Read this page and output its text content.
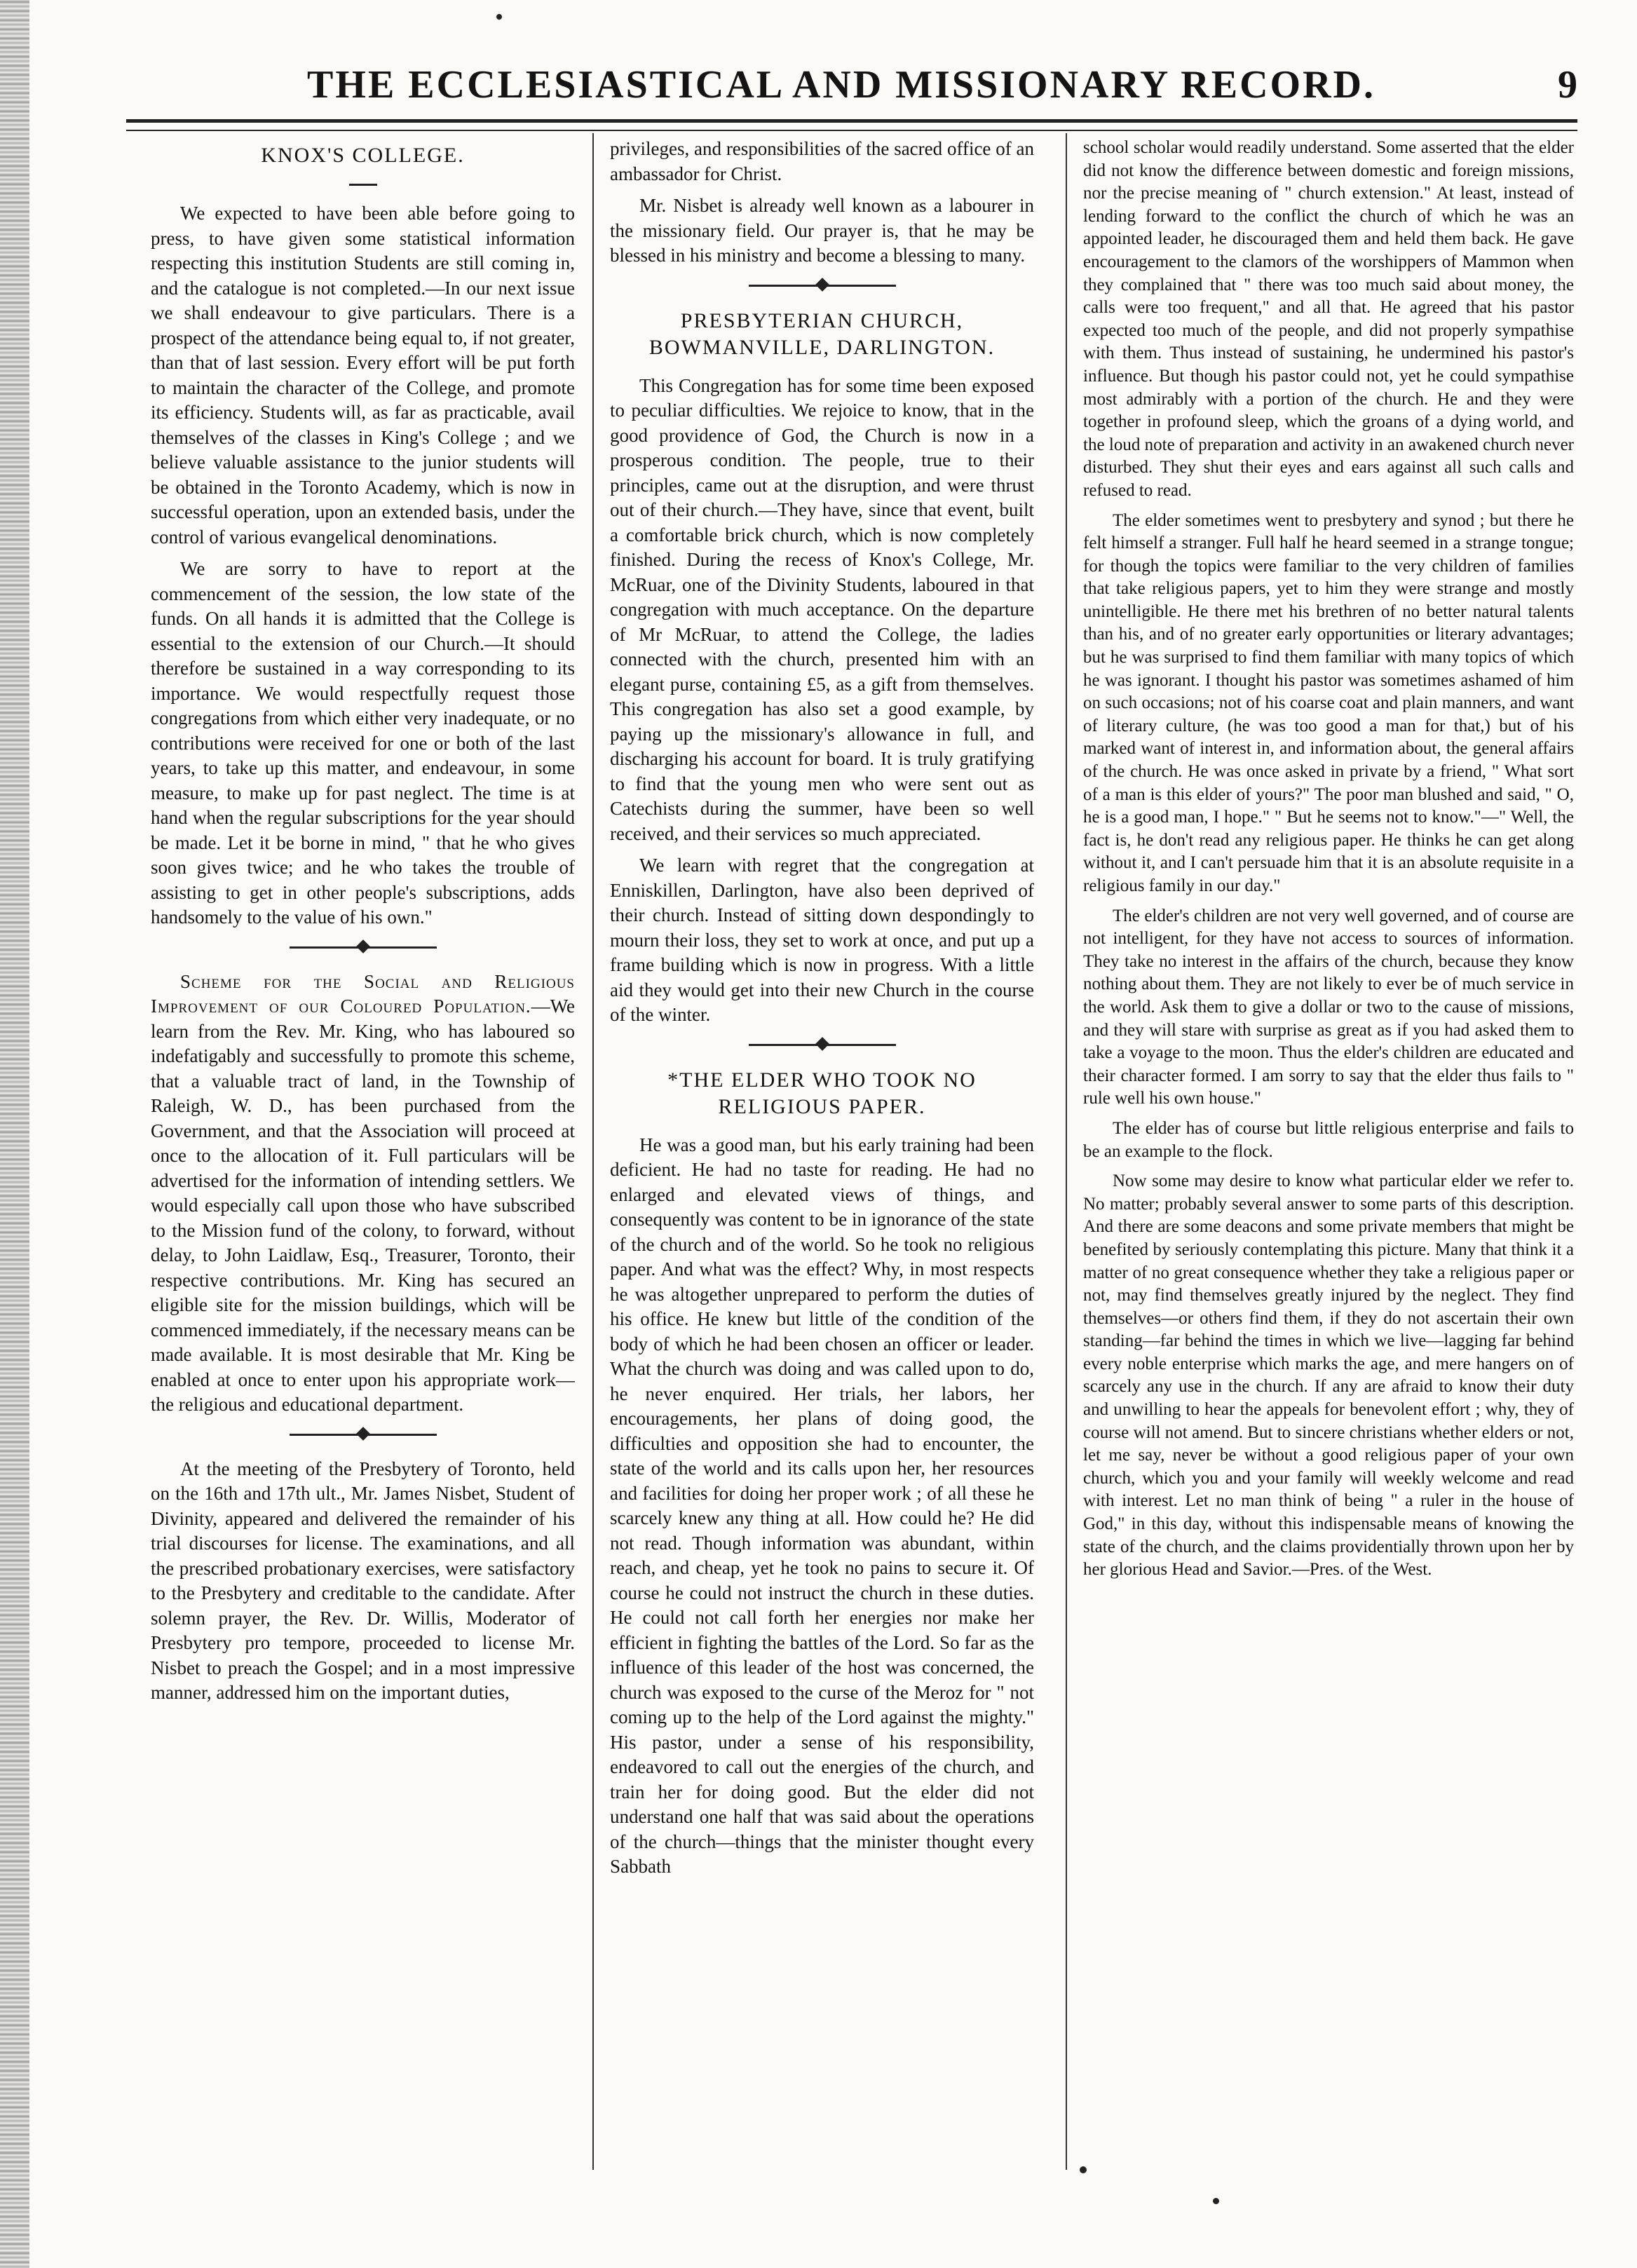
THE ECCLESIASTICAL AND MISSIONARY RECORD.	9
KNOX'S COLLEGE.

We expected to have been able before going to press, to have given some statistical information respecting this institution Students are still coming in, and the catalogue is not completed.—In our next issue we shall endeavour to give particulars. There is a prospect of the attendance being equal to, if not greater, than that of last session. Every effort will be put forth to maintain the character of the College, and promote its efficiency. Students will, as far as practicable, avail themselves of the classes in King's College ; and we believe valuable assistance to the junior students will be obtained in the Toronto Academy, which is now in successful operation, upon an extended basis, under the control of various evangelical denominations.

We are sorry to have to report at the commencement of the session, the low state of the funds. On all hands it is admitted that the College is essential to the extension of our Church.—It should therefore be sustained in a way corresponding to its importance. We would respectfully request those congregations from which either very inadequate, or no contributions were received for one or both of the last years, to take up this matter, and endeavour, in some measure, to make up for past neglect. The time is at hand when the regular subscriptions for the year should be made. Let it be borne in mind, " that he who gives soon gives twice; and he who takes the trouble of assisting to get in other people's subscriptions, adds handsomely to the value of his own."

Scheme for the Social and Religious Improvement of our Coloured Population.—We learn from the Rev. Mr. King, who has laboured so indefatigably and successfully to promote this scheme, that a valuable tract of land, in the Township of Raleigh, W. D., has been purchased from the Government, and that the Association will proceed at once to the allocation of it. Full particulars will be advertised for the information of intending settlers. We would especially call upon those who have subscribed to the Mission fund of the colony, to forward, without delay, to John Laidlaw, Esq., Treasurer, Toronto, their respective contributions. Mr. King has secured an eligible site for the mission buildings, which will be commenced immediately, if the necessary means can be made available. It is most desirable that Mr. King be enabled at once to enter upon his appropriate work—the religious and educational department.

At the meeting of the Presbytery of Toronto, held on the 16th and 17th ult., Mr. James Nisbet, Student of Divinity, appeared and delivered the remainder of his trial discourses for license. The examinations, and all the prescribed probationary exercises, were satisfactory to the Presbytery and creditable to the candidate. After solemn prayer, the Rev. Dr. Willis, Moderator of Presbytery pro tempore, proceeded to license Mr. Nisbet to preach the Gospel; and in a most impressive manner, addressed him on the important duties,

privileges, and responsibilities of the sacred office of an ambassador for Christ.

Mr. Nisbet is already well known as a labourer in the missionary field. Our prayer is, that he may be blessed in his ministry and become a blessing to many.

PRESBYTERIAN CHURCH, BOWMANVILLE, DARLINGTON.

This Congregation has for some time been exposed to peculiar difficulties. We rejoice to know, that in the good providence of God, the Church is now in a prosperous condition. The people, true to their principles, came out at the disruption, and were thrust out of their church.—They have, since that event, built a comfortable brick church, which is now completely finished. During the recess of Knox's College, Mr. McRuar, one of the Divinity Students, laboured in that congregation with much acceptance. On the departure of Mr McRuar, to attend the College, the ladies connected with the church, presented him with an elegant purse, containing £5, as a gift from themselves. This congregation has also set a good example, by paying up the missionary's allowance in full, and discharging his account for board. It is truly gratifying to find that the young men who were sent out as Catechists during the summer, have been so well received, and their services so much appreciated.

We learn with regret that the congregation at Enniskillen, Darlington, have also been deprived of their church. Instead of sitting down despondingly to mourn their loss, they set to work at once, and put up a frame building which is now in progress. With a little aid they would get into their new Church in the course of the winter.

*THE ELDER WHO TOOK NO RELIGIOUS PAPER.

He was a good man, but his early training had been deficient. He had no taste for reading. He had no enlarged and elevated views of things, and consequently was content to be in ignorance of the state of the church and of the world. So he took no religious paper. And what was the effect? Why, in most respects he was altogether unprepared to perform the duties of his office. He knew but little of the condition of the body of which he had been chosen an officer or leader. What the church was doing and was called upon to do, he never enquired. Her trials, her labors, her encouragements, her plans of doing good, the difficulties and opposition she had to encounter, the state of the world and its calls upon her, her resources and facilities for doing her proper work ; of all these he scarcely knew any thing at all. How could he? He did not read. Though information was abundant, within reach, and cheap, yet he took no pains to secure it. Of course he could not instruct the church in these duties. He could not call forth her energies nor make her efficient in fighting the battles of the Lord. So far as the influence of this leader of the host was concerned, the church was exposed to the curse of the Meroz for " not coming up to the help of the Lord against the mighty." His pastor, under a sense of his responsibility, endeavored to call out the energies of the church, and train her for doing good. But the elder did not understand one half that was said about the operations of the church—things that the minister thought every Sabbath

school scholar would readily understand. Some asserted that the elder did not know the difference between domestic and foreign missions, nor the precise meaning of " church extension." At least, instead of lending forward to the conflict the church of which he was an appointed leader, he discouraged them and held them back. He gave encouragement to the clamors of the worshippers of Mammon when they complained that " there was too much said about money, the calls were too frequent," and all that. He agreed that his pastor expected too much of the people, and did not properly sympathise with them. Thus instead of sustaining, he undermined his pastor's influence. But though his pastor could not, yet he could sympathise most admirably with a portion of the church. He and they were together in profound sleep, which the groans of a dying world, and the loud note of preparation and activity in an awakened church never disturbed. They shut their eyes and ears against all such calls and refused to read.

The elder sometimes went to presbytery and synod ; but there he felt himself a stranger. Full half he heard seemed in a strange tongue; for though the topics were familiar to the very children of families that take religious papers, yet to him they were strange and mostly unintelligible. He there met his brethren of no better natural talents than his, and of no greater early opportunities or literary advantages; but he was surprised to find them familiar with many topics of which he was ignorant. I thought his pastor was sometimes ashamed of him on such occasions; not of his coarse coat and plain manners, and want of literary culture, (he was too good a man for that,) but of his marked want of interest in, and information about, the general affairs of the church. He was once asked in private by a friend, " What sort of a man is this elder of yours?" The poor man blushed and said, " O, he is a good man, I hope." " But he seems not to know."—" Well, the fact is, he don't read any religious paper. He thinks he can get along without it, and I can't persuade him that it is an absolute requisite in a religious family in our day."

The elder's children are not very well governed, and of course are not intelligent, for they have not access to sources of information. They take no interest in the affairs of the church, because they know nothing about them. They are not likely to ever be of much service in the world. Ask them to give a dollar or two to the cause of missions, and they will stare with surprise as great as if you had asked them to take a voyage to the moon. Thus the elder's children are educated and their character formed. I am sorry to say that the elder thus fails to " rule well his own house."

The elder has of course but little religious enterprise and fails to be an example to the flock.

Now some may desire to know what particular elder we refer to. No matter; probably several answer to some parts of this description. And there are some deacons and some private members that might be benefited by seriously contemplating this picture. Many that think it a matter of no great consequence whether they take a religious paper or not, may find themselves greatly injured by the neglect. They find themselves—or others find them, if they do not ascertain their own standing—far behind the times in which we live—lagging far behind every noble enterprise which marks the age, and mere hangers on of scarcely any use in the church. If any are afraid to know their duty and unwilling to hear the appeals for benevolent effort ; why, they of course will not amend. But to sincere christians whether elders or not, let me say, never be without a good religious paper of your own church, which you and your family will weekly welcome and read with interest. Let no man think of being " a ruler in the house of God," in this day, without this indispensable means of knowing the state of the church, and the claims providentially thrown upon her by her glorious Head and Savior.—Pres. of the West.
